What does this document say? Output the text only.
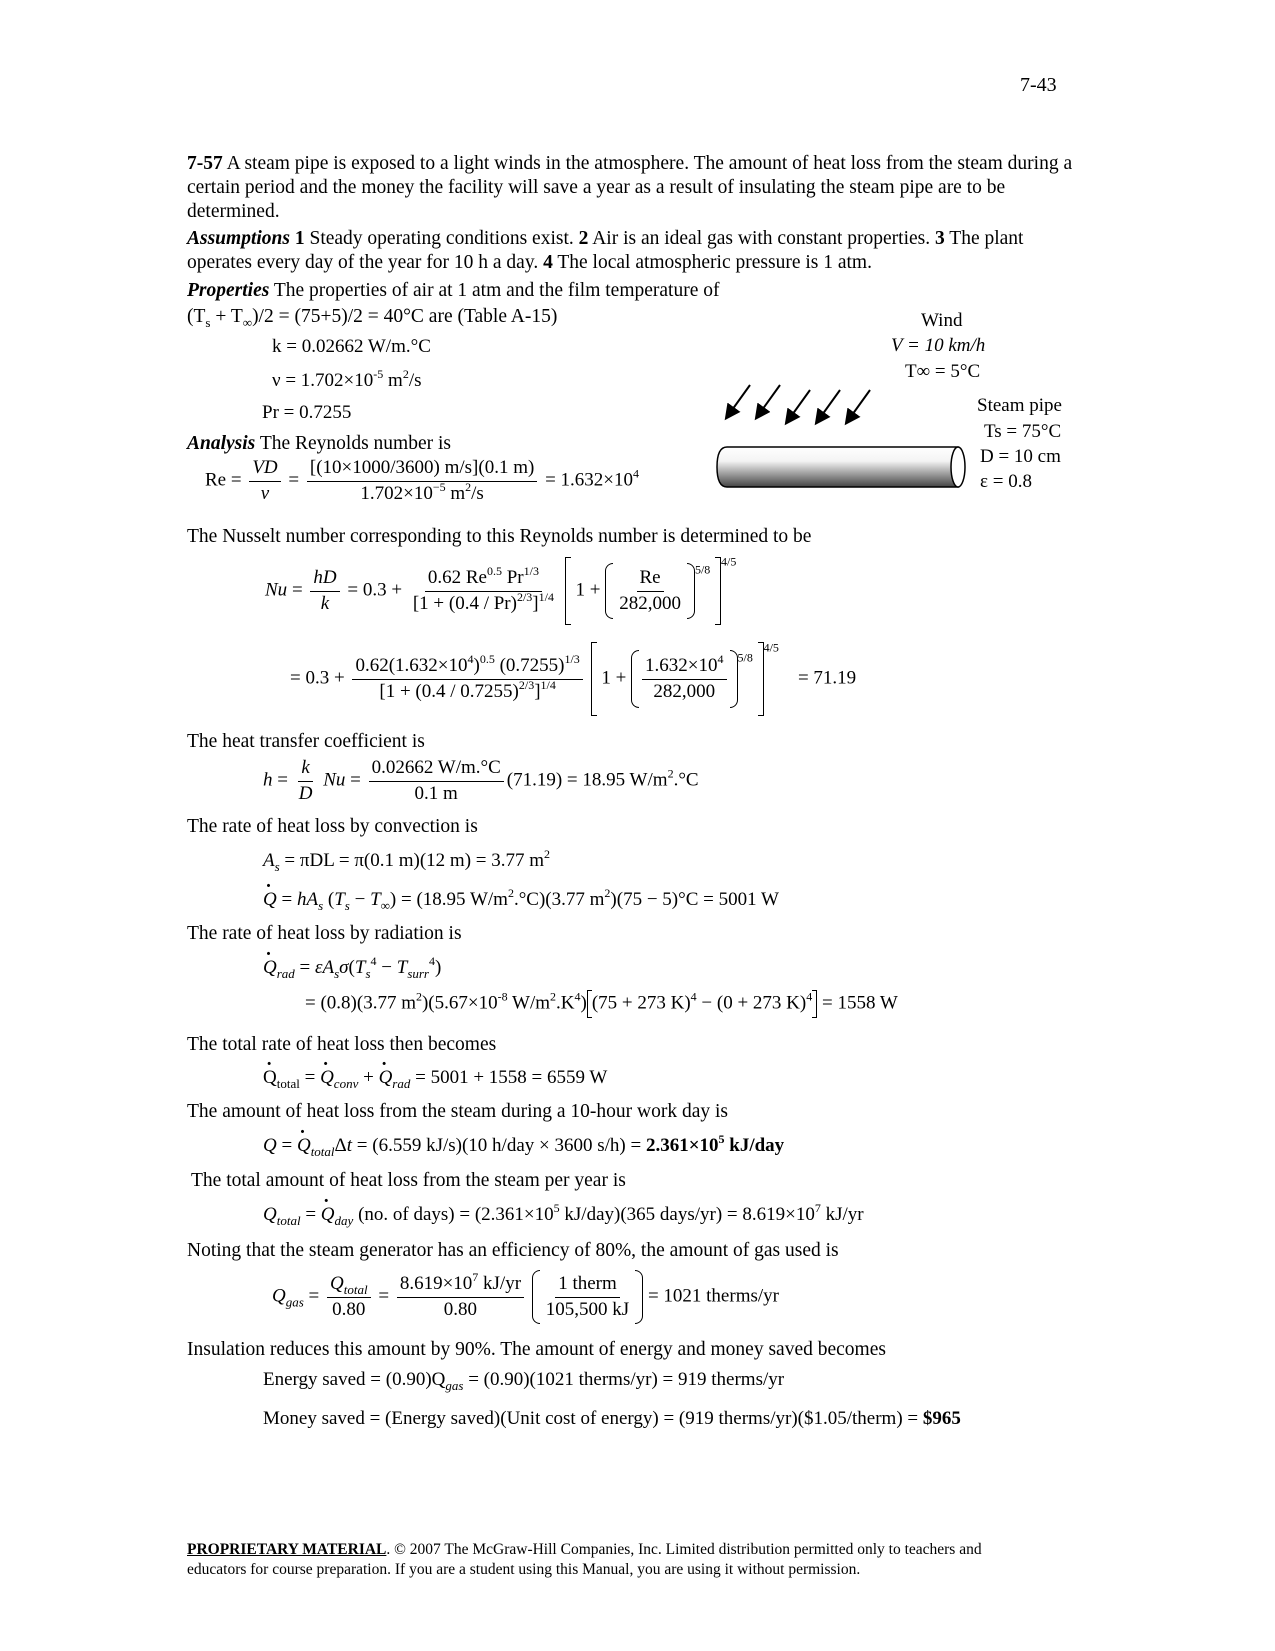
7-43
7-57 A steam pipe is exposed to a light winds in the atmosphere. The amount of heat loss from the steam during a certain period and the money the facility will save a year as a result of insulating the steam pipe are to be determined.
Assumptions 1 Steady operating conditions exist. 2 Air is an ideal gas with constant properties. 3 The plant operates every day of the year for 10 h a day. 4 The local atmospheric pressure is 1 atm.
Properties The properties of air at 1 atm and the film temperature of
$(T_s + T_\infty)/2 = (75+5)/2 = 40^\circ C$ are (Table A-15)
k = 0.02662 W/m.°C
$\nu = 1.702\times 10^{-5}$ $m^2/s$
Pr = 0.7255
Wind
V = 10 km/h
T∞ = 5°C
Steam pipe
Ts = 75°C
D = 10 cm
ε = 0.8
Analysis The Reynolds number is
$Re = \frac{VD}{\nu} = \frac{[(10\times 1000/3600) m/s](0.1 m)}{1.702\times 10^{-5} m^2/s} = 1.632\times 10^4$
The Nusselt number corresponding to this Reynolds number is determined to be
$Nu = \frac{hD}{k} = 0.3 + \frac{0.62 Re^{0.5} Pr^{1/3}}{[1 + (0.4 / Pr)^{2/3}]^{1/4}} 1 + \frac{Re}{282,000} ^{5/8}$ $^{4/5}$
= $0.3 + \frac{0.62(1.632\times 10^4)^{0.5} (0.7255)^{1/3}}{[1 + (0.4 / 0.7255)^{2/3}]^{1/4}} 1 + \frac{1.632\times 10^4}{282,000} ^{5/8}$ $^{4/5}$    = 71.19
The heat transfer coefficient is
$h = \frac{k}{D}$ $Nu = \frac{0.02662 W/m.^\circ C}{0.1 m} (71.19) = 18.95$ $W/m^2.^\circ C$
The rate of heat loss by convection is
$A_s = \pi DL = \pi(0.1$ m)(12 m) = 3.77 $m^2$
· $Q = hA_s$ $(T_s - T_\infty) = (18.95$ $W/m^2.^\circ C)(3.77$ $m^2)(75 - 5)^\circ C = 5001$ W
The rate of heat loss by radiation is
· $Q_{rad} = \varepsilon A_s\sigma(T_s^4 - T_{surr}^4)$
= (0.8)(3.77 $m^2)(5.67\times 10^{-8}$ $W/m^2.K^4$) (75 + 273 K)$^4$ − (0 + 273 K)$^4$ = 1558 W
The total rate of heat loss then becomes
· $Q_{total}$ = · $Q_{conv}$ + · $Q_{rad} = 5001 + 1558 = 6559$ W
The amount of heat loss from the steam during a 10-hour work day is
Q = · $Q_{total}\Delta t = (6.559$ kJ/s)(10 h/day × 3600 $s/h) = 2.361\times 10^5$ kJ/day
The total amount of heat loss from the steam per year is
$Q_{total}$ = · $Q_{day}$ (no. of days) = ($2.361\times 10^5$ kJ/day)(365 days/yr) = $8.619\times 10^7$ kJ/yr
Noting that the steam generator has an efficiency of 80%, the amount of gas used is
$Q_{gas} = \frac{Q_{total}}{0.80} = \frac{8.619\times 10^7 kJ/yr}{0.80}$
$\frac{\text{1 therm}}{105,500 kJ} = 1021$ therms/yr
Insulation reduces this amount by 90%. The amount of energy and money saved becomes
Energy saved = $(0.90)Q_{gas} = (0.90)(1021$ therms/yr) = 919 therms/yr
Money saved = (Energy saved)(Unit cost of energy) = (919 therms/yr)($1.05/therm) = $965
PROPRIETARY MATERIAL. © 2007 The McGraw-Hill Companies, Inc. Limited distribution permitted only to teachers and
educators for course preparation. If you are a student using this Manual, you are using it without permission.
